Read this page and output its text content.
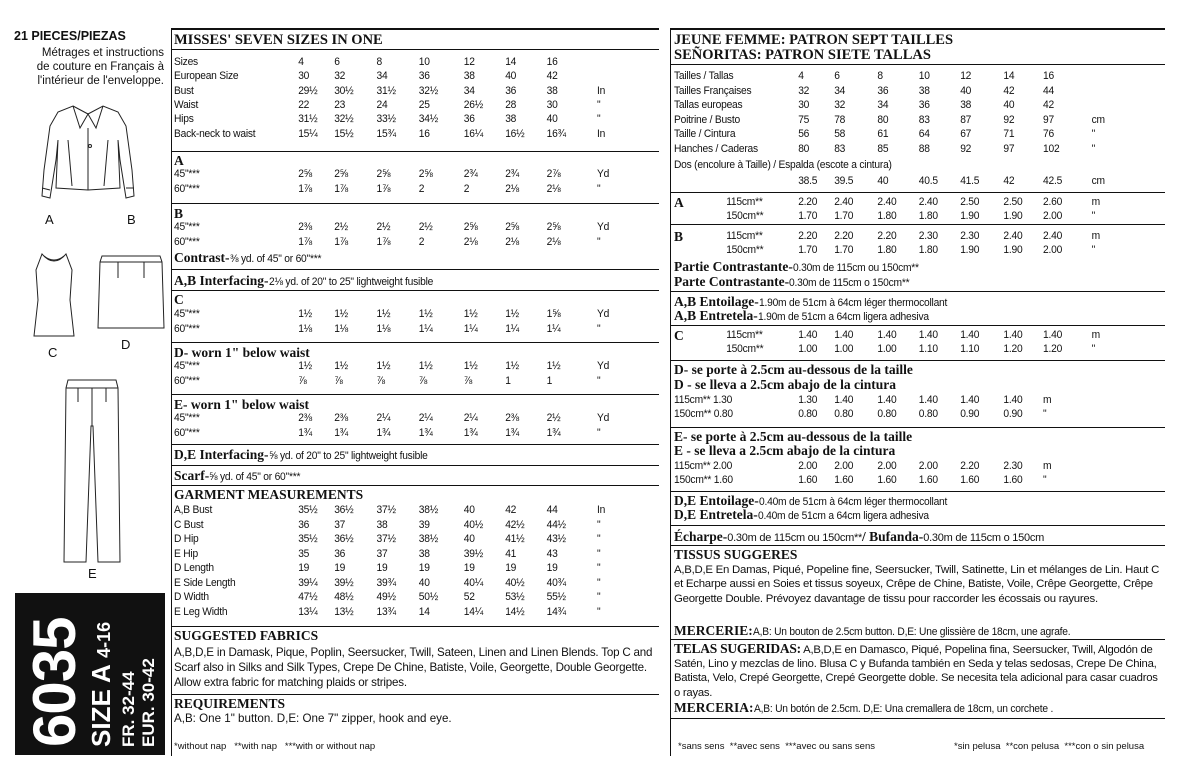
21 PIECES/PIEZAS
Métrages et instructions
de couture en Français à
l'intérieur de l'enveloppe.
A	B
C
D
E
6035
SIZE A 4-16
FR. 32-44 EUR. 30-42
MISSES' SEVEN SIZES IN ONE
Sizes	4	6	8	10	12	14	16
European Size	30 32	34	36	38	40	42
Bust	29½ 30½ 31½ 32½ 34	36	38	In
Waist	22 23	24	25	26½ 28	30	"
Hips	31½ 32½ 33½ 34½ 36	38	40	"
Back-neck to waist	15¼ 15½ 15¾ 16	16¼ 16½ 16¾	In
A
45"***	2⅝ 2⅝ 2⅝ 2⅝	2¾ 2¾ 2⅞	Yd
60"***	1⅞ 1⅞ 1⅞ 2	2	2⅛ 2⅛	"
B
45"***	2⅜ 2½ 2½ 2½	2⅝ 2⅝ 2⅝	Yd
60"***	1⅞ 1⅞ 1⅞ 2	2⅛ 2⅛ 2⅛	"
Contrast-⅜ yd. of 45" or 60"***
A,B Interfacing-2⅛ yd. of 20" to 25" lightweight fusible
C
45"***	1½ 1½ 1½ 1½	1½ 1½ 1⅝	Yd
60"***	1⅛ 1⅛ 1⅛ 1¼	1¼ 1¼ 1¼	"
D- worn 1" below waist
45"***	1½ 1½ 1½ 1½	1½ 1½ 1½	Yd
60"***	⅞ ⅞	⅞	⅞	⅞	1	1	"
E- worn 1" below waist
45"***	2⅜ 2⅜ 2¼ 2¼	2¼ 2⅜ 2½	Yd
60"***	1¾ 1¾ 1¾ 1¾	1¾ 1¾ 1¾	"
D,E Interfacing-⅝ yd. of 20" to 25" lightweight fusible
Scarf-⅝ yd. of 45" or 60"***
GARMENT MEASUREMENTS
A,B Bust	35½ 36½ 37½ 38½ 40	42	44	In
C Bust	36 37	38	39	40½ 42½ 44½	"
D Hip	35½ 36½ 37½ 38½ 40	41½ 43½	"
E Hip	35 36	37	38	39½ 41	43	"
D Length	19 19	19	19	19	19	19	"
E Side Length	39¼ 39½ 39¾ 40	40¼ 40½ 40¾	"
D Width	47½ 48½ 49½ 50½ 52	53½ 55½	"
E Leg Width	13¼ 13½ 13¾ 14	14¼ 14½ 14¾	"
SUGGESTED FABRICS
A,B,D,E in Damask, Pique, Poplin, Seersucker, Twill, Sateen, Linen and Linen Blends. Top C and Scarf also in Silks and Silk Types, Crepe De Chine, Batiste, Voile, Georgette, Double Georgette. Allow extra fabric for matching plaids or stripes.
REQUIREMENTS
A,B: One 1" button. D,E: One 7" zipper, hook and eye.
*without nap   **with nap   ***with or without nap
JEUNE FEMME: PATRON SEPT TAILLES
SEÑORITAS: PATRON SIETE TALLAS
Tailles / Tallas	4	6	8	10	12	14	16
Tailles Françaises	32 34	36	38	40	42	44
Tallas europeas	30 32	34	36	38	40	42
Poitrine / Busto	75 78	80	83	87	92	97	cm
Taille / Cintura	56 58	61	64	67	71	76	"
Hanches / Caderas	80 83	85	88	92	97	102	"
Dos (encolure à Taille) / Espalda (escote a cintura)
38.5 39.5 40	40.5 41.5 42	42.5	cm
A	115cm**	2.20 2.40 2.40 2.40 2.50 2.50 2.60	m
150cm**	1.70 1.70 1.80 1.80 1.90 1.90 2.00	"
B	115cm**	2.20 2.20 2.20 2.30 2.30 2.40 2.40	m
150cm**	1.70 1.70 1.80 1.80 1.90 1.90 2.00	"
Partie Contrastante-0.30m de 115cm ou 150cm**
Parte Contrastante-0.30m de 115cm o 150cm**
A,B Entoilage-1.90m de 51cm à 64cm léger thermocollant
A,B Entretela-1.90m de 51cm a 64cm ligera adhesiva
C	115cm**	1.40 1.40 1.40 1.40 1.40 1.40 1.40	m
150cm**	1.00 1.00 1.00 1.10 1.10 1.20 1.20	"
D- se porte à 2.5cm au-dessous de la taille
D - se lleva a 2.5cm abajo de la cintura
115cm** 1.30	1.30 1.40 1.40 1.40 1.40 1.40 m
150cm** 0.80	0.80 0.80 0.80 0.80 0.90 0.90 "
E- se porte à 2.5cm au-dessous de la taille
E - se lleva a 2.5cm abajo de la cintura
115cm** 2.00	2.00 2.00 2.00 2.00 2.20 2.30 m
150cm** 1.60	1.60 1.60 1.60 1.60 1.60 1.60 "
D,E Entoilage-0.40m de 51cm à 64cm léger thermocollant
D,E Entretela-0.40m de 51cm a 64cm ligera adhesiva
Écharpe-0.30m de 115cm ou 150cm**/ Bufanda-0.30m de 115cm o 150cm
TISSUS SUGGERES
A,B,D,E En Damas, Piqué, Popeline fine, Seersucker, Twill, Satinette, Lin et mélanges de Lin. Haut C et Echarpe aussi en Soies et tissus soyeux, Crêpe de Chine, Batiste, Voile, Crêpe Georgette, Crêpe Georgette Double. Prévoyez davantage de tissu pour raccorder les écossais ou rayures.
MERCERIE:A,B: Un bouton de 2.5cm button. D,E: Une glissière de 18cm, une agrafe.
TELAS SUGERIDAS: A,B,D,E en Damasco, Piqué, Popelina fina, Seersucker, Twill, Algodón de Satén, Lino y mezclas de lino. Blusa C y Bufanda también en Seda y telas sedosas, Crepe De China, Batista, Velo, Crepé Georgette, Crepé Georgette doble. Se necesita tela adicional para casar cuadros o rayas.
MERCERIA:A,B: Un botón de 2.5cm. D,E: Una cremallera de 18cm, un corchete .
*sans sens  **avec sens  ***avec ou sans sens	*sin pelusa  **con pelusa  ***con o sin pelusa
